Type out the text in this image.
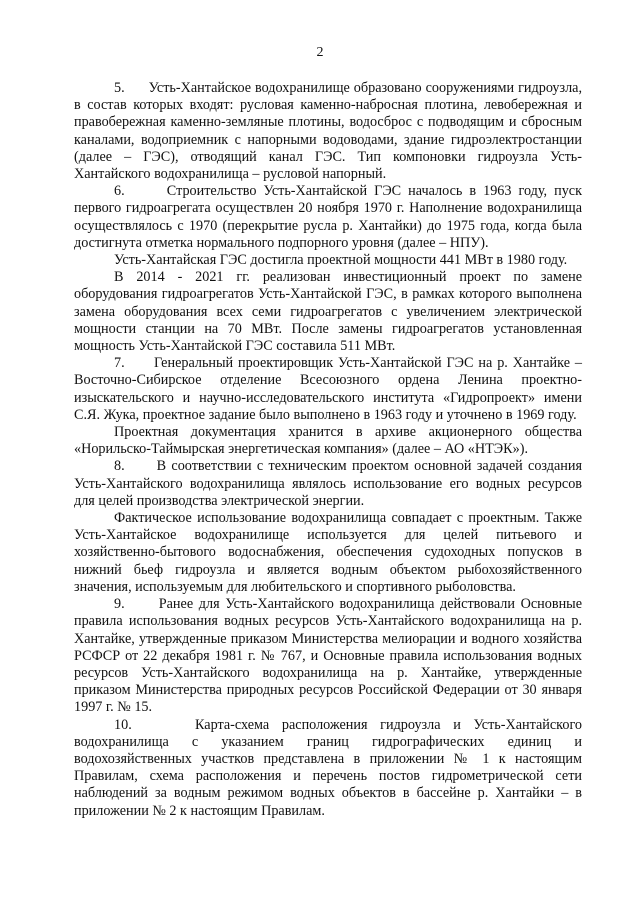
2

5.      Усть-Хантайское водохранилище образовано сооружениями гидроузла, в состав которых входят: русловая каменно-набросная плотина, левобережная и правобережная каменно-земляные плотины, водосброс с подводящим и сбросным каналами, водоприемник с напорными водоводами, здание гидроэлектростанции (далее – ГЭС), отводящий канал ГЭС. Тип компоновки гидроузла Усть-Хантайского водохранилища – русловой напорный.

6.      Строительство Усть-Хантайской ГЭС началось в 1963 году, пуск первого гидроагрегата осуществлен 20 ноября 1970 г. Наполнение водохранилища осуществлялось с 1970 (перекрытие русла р. Хантайки) до 1975 года, когда была достигнута отметка нормального подпорного уровня (далее – НПУ).

Усть-Хантайская ГЭС достигла проектной мощности 441 МВт в 1980 году.

В 2014 - 2021 гг. реализован инвестиционный проект по замене оборудования гидроагрегатов Усть-Хантайской ГЭС, в рамках которого выполнена замена оборудования всех семи гидроагрегатов с увеличением электрической мощности станции на 70 МВт. После замены гидроагрегатов установленная мощность Усть-Хантайской ГЭС составила 511 МВт.

7.      Генеральный проектировщик Усть-Хантайской ГЭС на р. Хантайке – Восточно-Сибирское отделение Всесоюзного ордена Ленина проектно-изыскательского и научно-исследовательского института «Гидропроект» имени С.Я. Жука, проектное задание было выполнено в 1963 году и уточнено в 1969 году.

Проектная документация хранится в архиве акционерного общества «Норильско-Таймырская энергетическая компания» (далее – АО «НТЭК»).

8.      В соответствии с техническим проектом основной задачей создания Усть-Хантайского водохранилища являлось использование его водных ресурсов для целей производства электрической энергии.

Фактическое использование водохранилища совпадает с проектным. Также Усть-Хантайское водохранилище используется для целей питьевого и хозяйственно-бытового водоснабжения, обеспечения судоходных попусков в нижний бьеф гидроузла и является водным объектом рыбохозяйственного значения, используемым для любительского и спортивного рыболовства.

9.      Ранее для Усть-Хантайского водохранилища действовали Основные правила использования водных ресурсов Усть-Хантайского водохранилища на р. Хантайке, утвержденные приказом Министерства мелиорации и водного хозяйства РСФСР от 22 декабря 1981 г. № 767, и Основные правила использования водных ресурсов Усть-Хантайского водохранилища на р. Хантайке, утвержденные приказом Министерства природных ресурсов Российской Федерации от 30 января 1997 г. № 15.

10.     Карта-схема расположения гидроузла и Усть-Хантайского водохранилища с указанием границ гидрографических единиц и водохозяйственных участков представлена в приложении № 1 к настоящим Правилам, схема расположения и перечень постов гидрометрической сети наблюдений за водным режимом водных объектов в бассейне р. Хантайки – в приложении № 2 к настоящим Правилам.
